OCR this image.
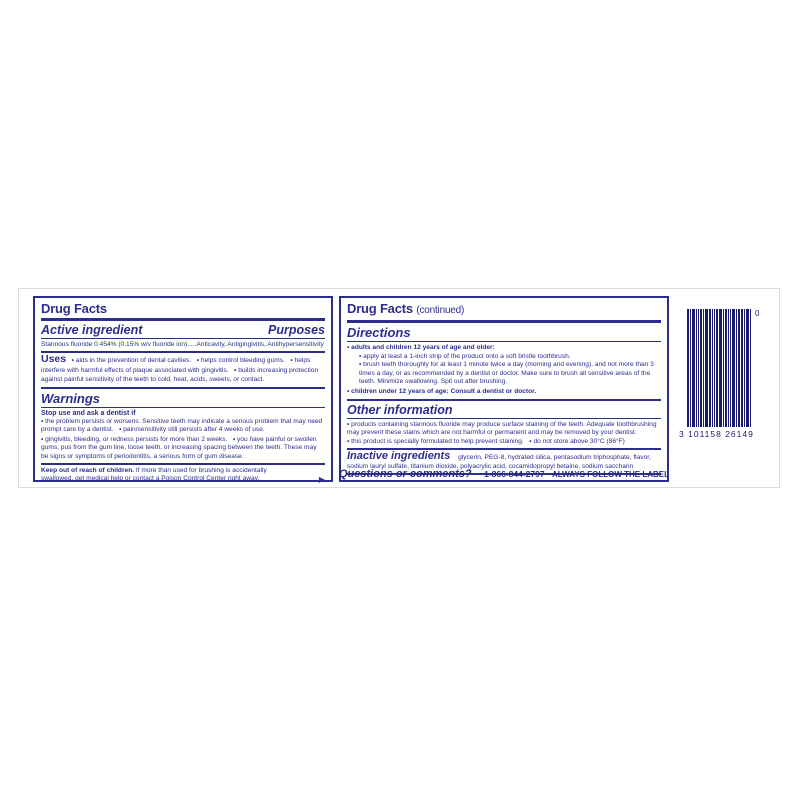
Drug Facts
Active ingredient	Purposes
Stannous fluoride 0.454% (0.15% w/v fluoride ion).....Anticavity, Antigingivitis, Antihypersensitivity
Uses   • aids in the prevention of dental cavities.   • helps control bleeding gums.   • helps interfere with harmful effects of plaque associated with gingivitis.   • builds increasing protection against painful sensitivity of the teeth to cold, heat, acids, sweets, or contact.
Warnings
Stop use and ask a dentist if
• the problem persists or worsens. Sensitive teeth may indicate a serious problem that may need prompt care by a dentist.   • pain/sensitivity still persists after 4 weeks of use.
• gingivitis, bleeding, or redness persists for more than 2 weeks.   • you have painful or swollen gums, pus from the gum line, loose teeth, or increasing spacing between the teeth. These may be signs or symptoms of periodontitis, a serious form of gum disease.
Keep out of reach of children. If more than used for brushing is accidentally swallowed, get medical help or contact a Poison Control Center right away.	▶
Drug Facts (continued)
Directions
• adults and children 12 years of age and older:
• apply at least a 1-inch strip of the product onto a soft bristle toothbrush.
• brush teeth thoroughly for at least 1 minute twice a day (morning and evening), and not more than 3 times a day, or as recommended by a dentist or doctor. Make sure to brush all sensitive areas of the teeth. Minimize swallowing. Spit out after brushing.
• children under 12 years of age: Consult a dentist or doctor.
Other information
• products containing stannous fluoride may produce surface staining of the teeth. Adequate toothbrushing may prevent these stains which are not harmful or permanent and may be removed by your dentist.
• this product is specially formulated to help prevent staining.   • do not store above 30°C (86°F)
Inactive ingredients glycerin, PEG-8, hydrated silica, pentasodium triphosphate, flavor, sodium lauryl sulfate, titanium dioxide, polyacrylic acid, cocamidopropyl betaine, sodium saccharin
Questions or comments? 1-866-844-2797 ALWAYS FOLLOW THE LABEL
3 101158 26149
0
